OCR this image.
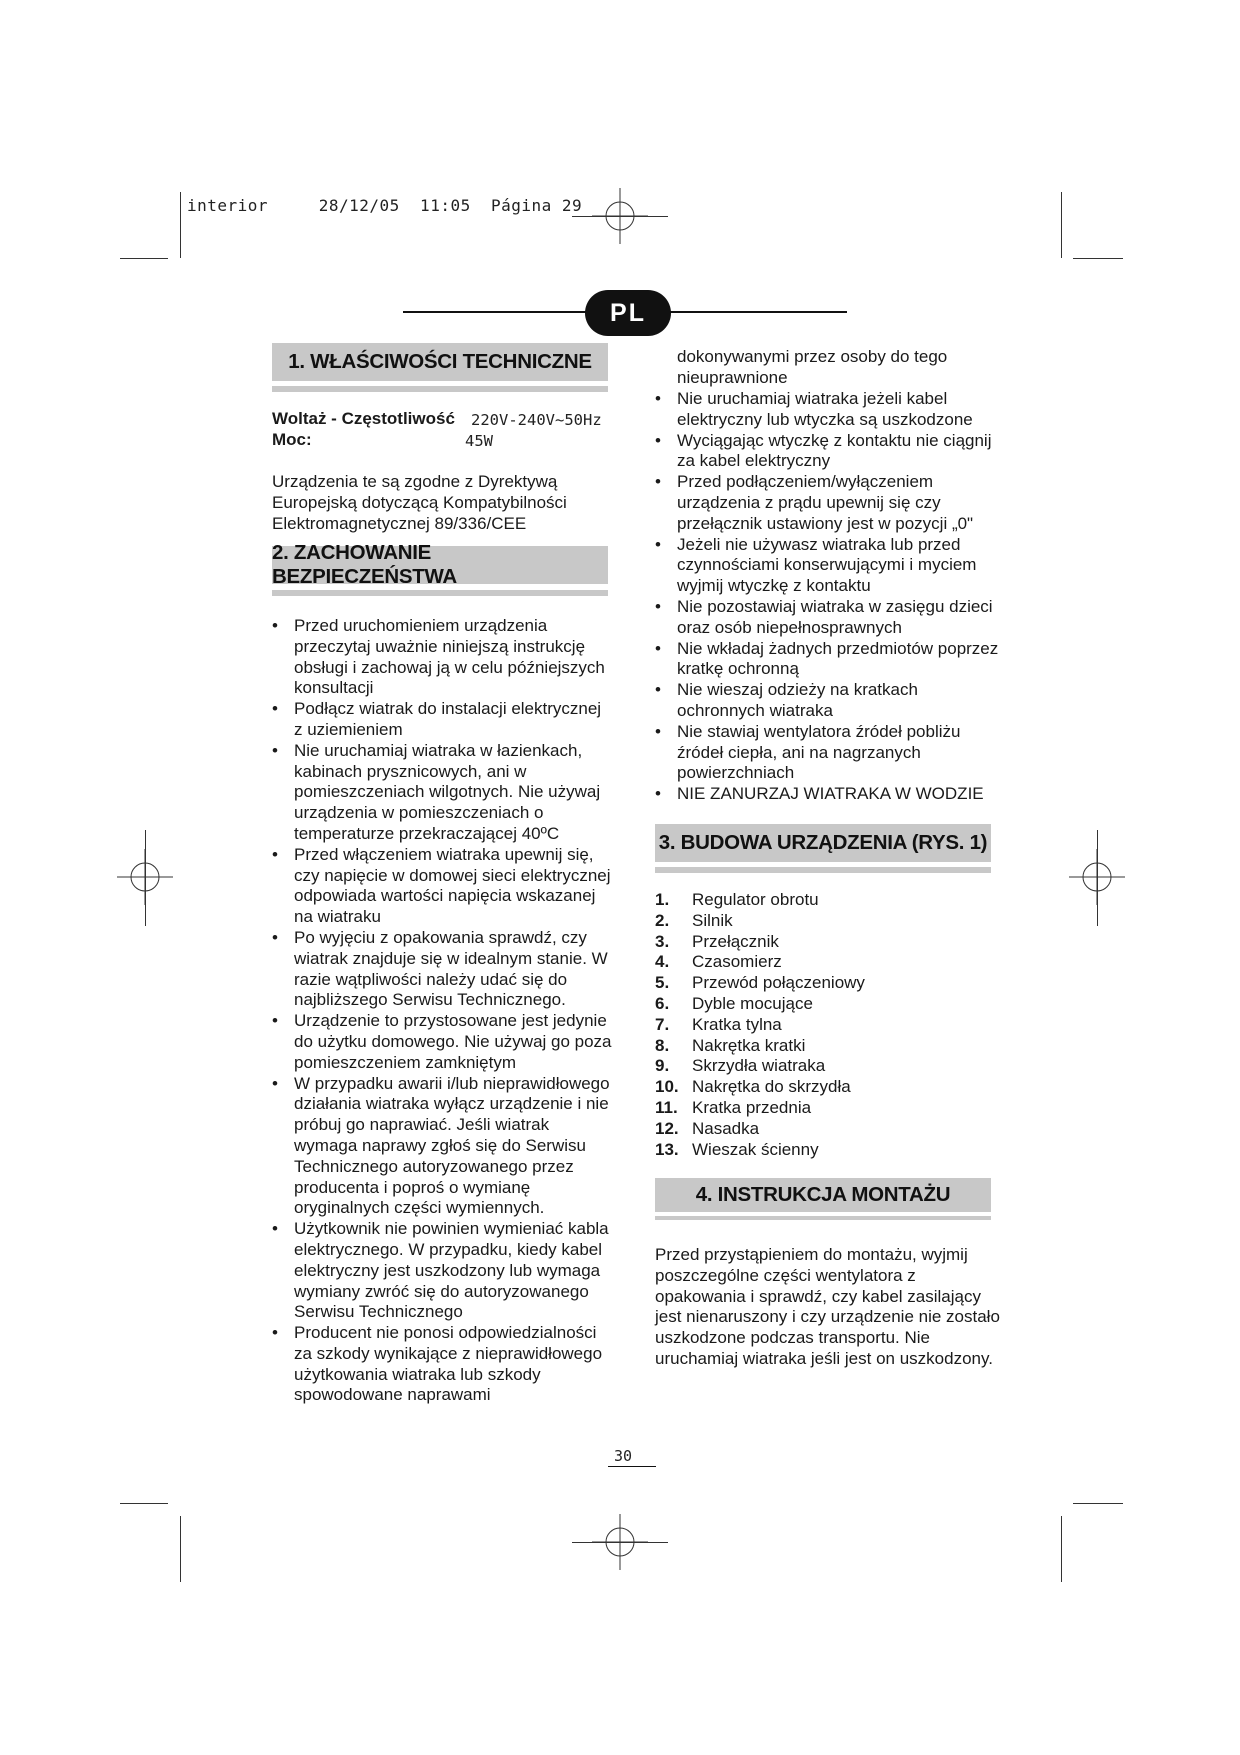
interior     28/12/05  11:05  Página 29
PL
1. WŁAŚCIWOŚCI TECHNICZNE
Woltaż - Częstotliwość 220V-240V~50Hz
Moc:	45W
Urządzenia te są zgodne z Dyrektywą Europejską dotyczącą Kompatybilności Elektromagnetycznej 89/336/CEE
2. ZACHOWANIE BEZPIECZEŃSTWA
• Przed uruchomieniem urządzenia przeczytaj uważnie niniejszą instrukcję obsługi i zachowaj ją w celu późniejszych konsultacji
• Podłącz wiatrak do instalacji elektrycznej z uziemieniem
• Nie uruchamiaj wiatraka w łazienkach, kabinach prysznicowych, ani w pomieszczeniach wilgotnych. Nie używaj urządzenia w pomieszczeniach o temperaturze przekraczającej 40ºC
• Przed włączeniem wiatraka upewnij się, czy napięcie w domowej sieci elektrycznej odpowiada wartości napięcia wskazanej na wiatraku
• Po wyjęciu z opakowania sprawdź, czy wiatrak znajduje się w idealnym stanie. W razie wątpliwości należy udać się do najbliższego Serwisu Technicznego.
• Urządzenie to przystosowane jest jedynie do użytku domowego. Nie używaj go poza pomieszczeniem zamkniętym
• W przypadku awarii i/lub nieprawidłowego działania wiatraka wyłącz urządzenie i nie próbuj go naprawiać. Jeśli wiatrak wymaga naprawy zgłoś się do Serwisu Technicznego autoryzowanego przez producenta i poproś o wymianę oryginalnych części wymiennych.
• Użytkownik nie powinien wymieniać kabla elektrycznego. W przypadku, kiedy kabel elektryczny jest uszkodzony lub wymaga wymiany zwróć się do autoryzowanego Serwisu Technicznego
• Producent nie ponosi odpowiedzialności za szkody wynikające z nieprawidłowego użytkowania wiatraka lub szkody spowodowane naprawami
dokonywanymi przez osoby do tego nieuprawnione
• Nie uruchamiaj wiatraka jeżeli kabel elektryczny lub wtyczka są uszkodzone
• Wyciągając wtyczkę z kontaktu nie ciągnij za kabel elektryczny
• Przed podłączeniem/wyłączeniem urządzenia z prądu upewnij się czy przełącznik ustawiony jest w pozycji „0"
• Jeżeli nie używasz wiatraka lub przed czynnościami konserwującymi i myciem wyjmij wtyczkę z kontaktu
• Nie pozostawiaj wiatraka w zasięgu dzieci oraz osób niepełnosprawnych
• Nie wkładaj żadnych przedmiotów poprzez kratkę ochronną
• Nie wieszaj odzieży na kratkach ochronnych wiatraka
• Nie stawiaj wentylatora źródeł pobliżu źródeł ciepła, ani na nagrzanych powierzchniach
• NIE ZANURZAJ WIATRAKA W WODZIE
3. BUDOWA URZĄDZENIA (RYS. 1)
1. Regulator obrotu
2. Silnik
3. Przełącznik
4. Czasomierz
5. Przewód połączeniowy
6. Dyble mocujące
7. Kratka tylna
8. Nakrętka kratki
9. Skrzydła wiatraka
10. Nakrętka do skrzydła
11. Kratka przednia
12. Nasadka
13. Wieszak ścienny
4. INSTRUKCJA MONTAŻU
Przed przystąpieniem do montażu, wyjmij poszczególne części wentylatora z opakowania i sprawdź, czy kabel zasilający jest nienaruszony i czy urządzenie nie zostało uszkodzone podczas transportu. Nie uruchamiaj wiatraka jeśli jest on uszkodzony.
30
